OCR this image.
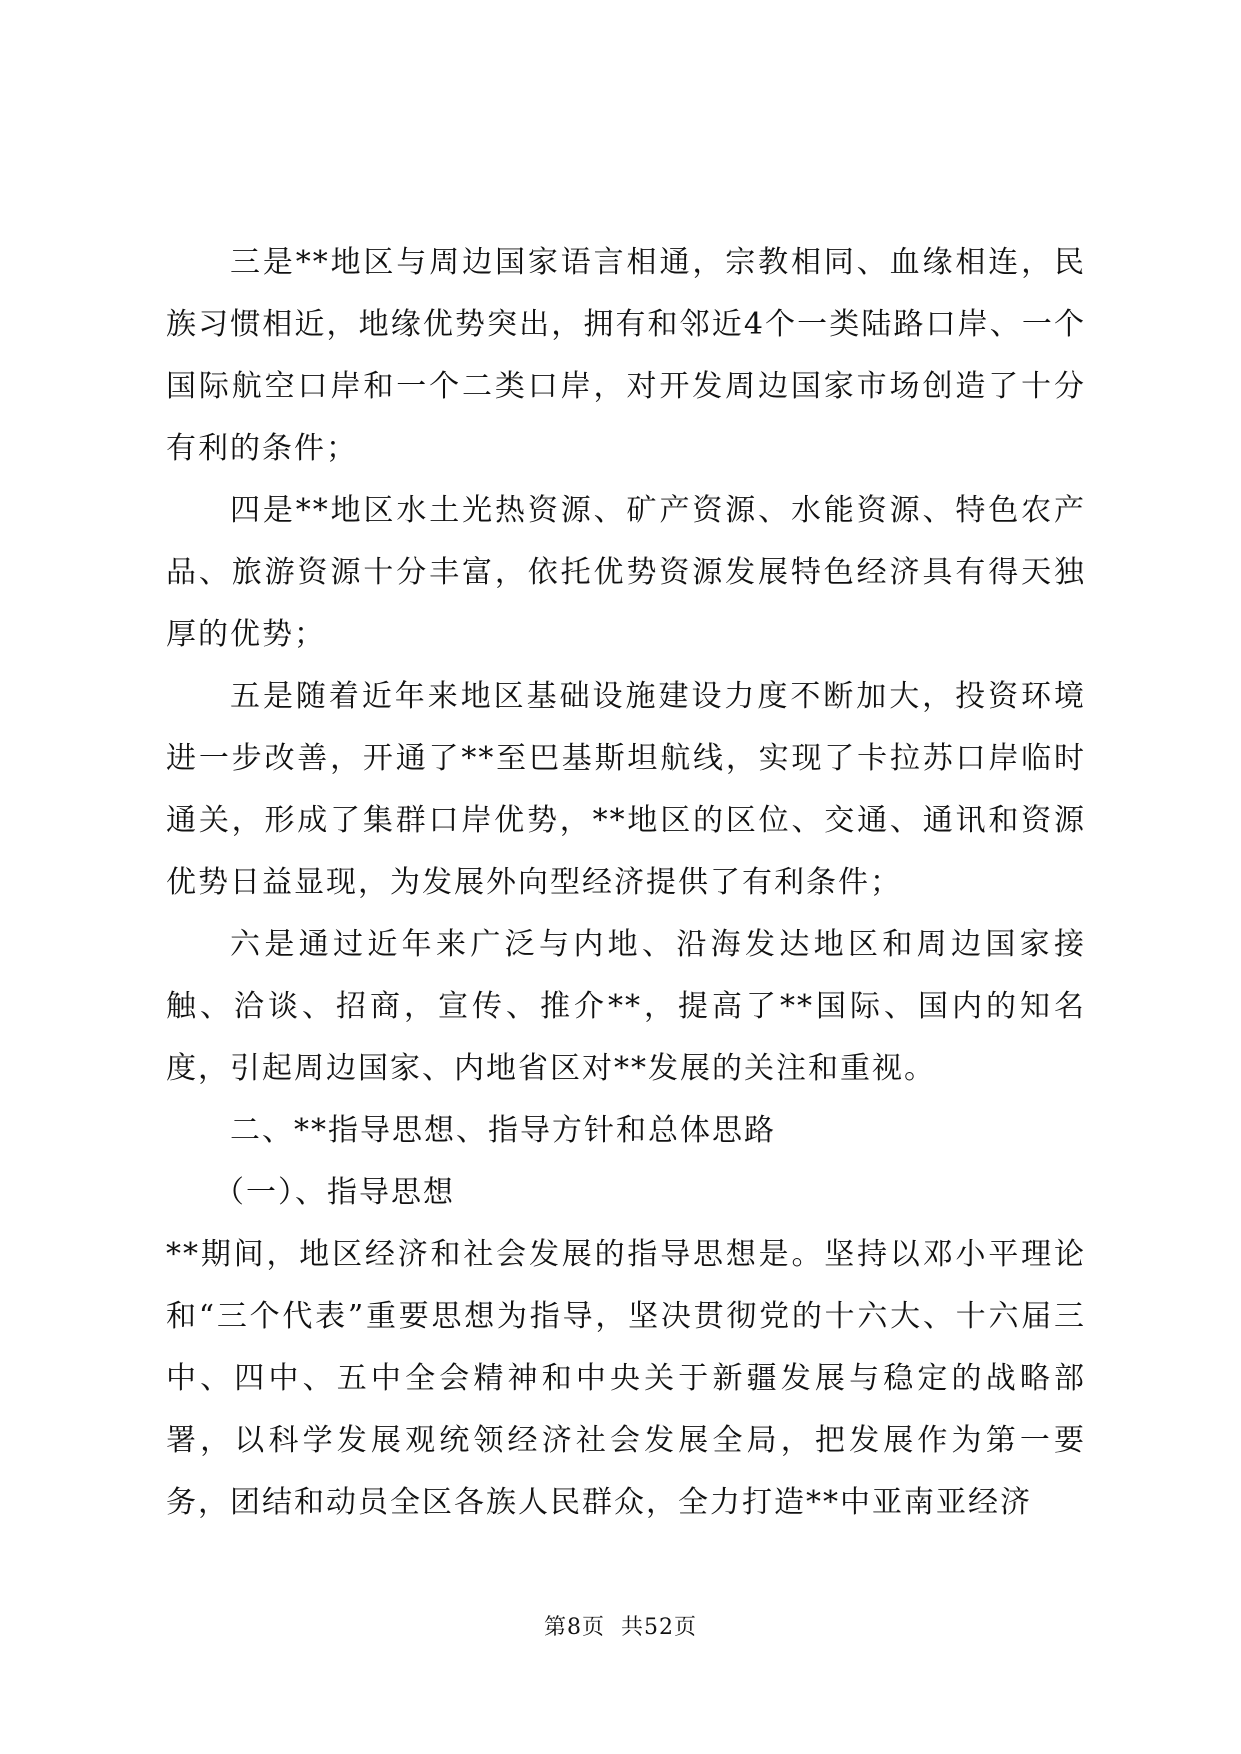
三是**地区与周边国家语言相通，宗教相同、血缘相连，民族习惯相近，地缘优势突出，拥有和邻近4个一类陆路口岸、一个国际航空口岸和一个二类口岸，对开发周边国家市场创造了十分有利的条件；

四是**地区水土光热资源、矿产资源、水能资源、特色农产品、旅游资源十分丰富，依托优势资源发展特色经济具有得天独厚的优势；

五是随着近年来地区基础设施建设力度不断加大，投资环境进一步改善，开通了**至巴基斯坦航线，实现了卡拉苏口岸临时通关，形成了集群口岸优势，**地区的区位、交通、通讯和资源优势日益显现，为发展外向型经济提供了有利条件；

六是通过近年来广泛与内地、沿海发达地区和周边国家接触、洽谈、招商，宣传、推介**，提高了**国际、国内的知名度，引起周边国家、内地省区对**发展的关注和重视。

二、**指导思想、指导方针和总体思路

（一）、指导思想

**期间，地区经济和社会发展的指导思想是。坚持以邓小平理论和“三个代表”重要思想为指导，坚决贯彻党的十六大、十六届三中、四中、五中全会精神和中央关于新疆发展与稳定的战略部署，以科学发展观统领经济社会发展全局，把发展作为第一要务，团结和动员全区各族人民群众，全力打造**中亚南亚经济

第8页 共52页
